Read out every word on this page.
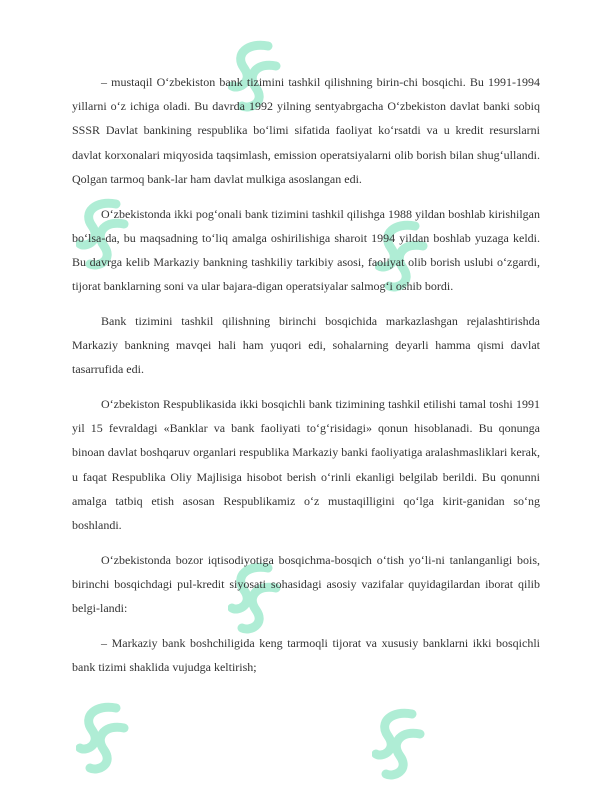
– mustaqil O‘zbekiston bank tizimini tashkil qilishning birin-chi bosqichi. Bu 1991-1994 yillarni o‘z ichiga oladi. Bu davrda 1992 yilning sentyabrgacha O‘zbekiston davlat banki sobiq SSSR Davlat bankining respublika bo‘limi sifatida faoliyat ko‘rsatdi va u kredit resurslarni davlat korxonalari miqyosida taqsimlash, emission operatsiyalarni olib borish bilan shug‘ullandi. Qolgan tarmoq bank-lar ham davlat mulkiga asoslangan edi.

O‘zbekistonda ikki pog‘onali bank tizimini tashkil qilishga 1988 yildan boshlab kirishilgan bo‘lsa-da, bu maqsadning to‘liq amalga oshirilishiga sharoit 1994 yildan boshlab yuzaga keldi. Bu davrga kelib Markaziy bankning tashkiliy tarkibiy asosi, faoliyat olib borish uslubi o‘zgardi, tijorat banklarning soni va ular bajara-digan operatsiyalar salmog‘i oshib bordi.

Bank tizimini tashkil qilishning birinchi bosqichida markazlashgan rejalashtirishda Markaziy bankning mavqei hali ham yuqori edi, sohalarning deyarli hamma qismi davlat tasarrufida edi.

O‘zbekiston Respublikasida ikki bosqichli bank tizimining tashkil etilishi tamal toshi 1991 yil 15 fevraldagi «Banklar va bank faoliyati to‘g‘risidagi» qonun hisoblanadi. Bu qonunga binoan davlat boshqaruv organlari respublika Markaziy banki faoliyatiga aralashmasliklari kerak, u faqat Respublika Oliy Majlisiga hisobot berish o‘rinli ekanligi belgilab berildi. Bu qonunni amalga tatbiq etish asosan Respublikamiz o‘z mustaqilligini qo‘lga kirit-ganidan so‘ng boshlandi.

O‘zbekistonda bozor iqtisodiyotiga bosqichma-bosqich o‘tish yo‘li-ni tanlanganligi bois, birinchi bosqichdagi pul-kredit siyosati sohasidagi asosiy vazifalar quyidagilardan iborat qilib belgi-landi:

– Markaziy bank boshchiligida keng tarmoqli tijorat va xususiy banklarni ikki bosqichli bank tizimi shaklida vujudga keltirish;
